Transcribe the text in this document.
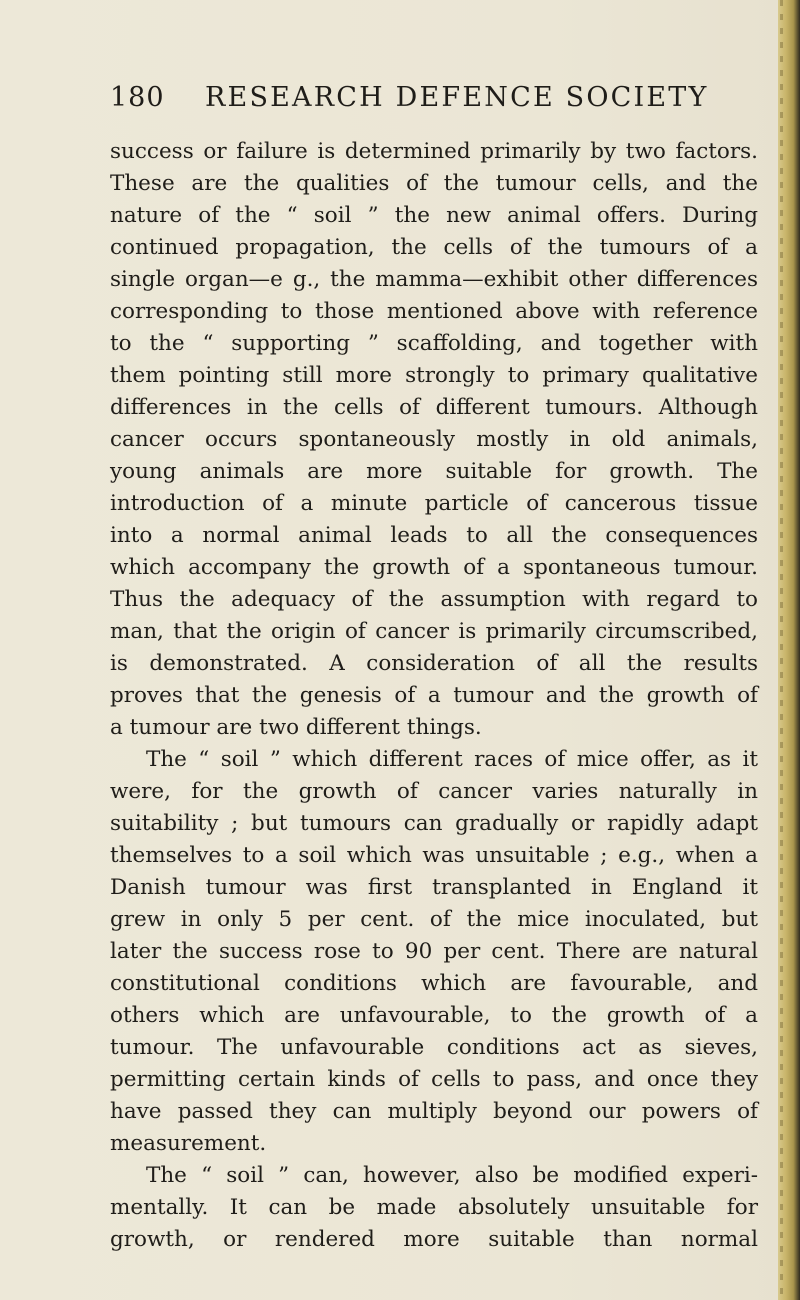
180 RESEARCH DEFENCE SOCIETY
success or failure is determined primarily by two factors.
These are the qualities of the tumour cells, and the
nature of the “ soil ” the new animal offers. During
continued propagation, the cells of the tumours of a
single organ—e g., the mamma—exhibit other differences
corresponding to those mentioned above with reference
to the “ supporting ” scaffolding, and together with
them pointing still more strongly to primary qualitative
differences in the cells of different tumours. Although
cancer occurs spontaneously mostly in old animals,
young animals are more suitable for growth. The
introduction of a minute particle of cancerous tissue
into a normal animal leads to all the consequences
which accompany the growth of a spontaneous tumour.
Thus the adequacy of the assumption with regard to
man, that the origin of cancer is primarily circumscribed,
is demonstrated. A consideration of all the results
proves that the genesis of a tumour and the growth of
a tumour are two different things.
The “ soil ” which different races of mice offer, as it
were, for the growth of cancer varies naturally in
suitability ; but tumours can gradually or rapidly adapt
themselves to a soil which was unsuitable ; e.g., when a
Danish tumour was first transplanted in England it
grew in only 5 per cent. of the mice inoculated, but
later the success rose to 90 per cent. There are natural
constitutional conditions which are favourable, and
others which are unfavourable, to the growth of a
tumour. The unfavourable conditions act as sieves,
permitting certain kinds of cells to pass, and once they
have passed they can multiply beyond our powers of
measurement.
The “ soil ” can, however, also be modified experi-
mentally. It can be made absolutely unsuitable for
growth, or rendered more suitable than normal
